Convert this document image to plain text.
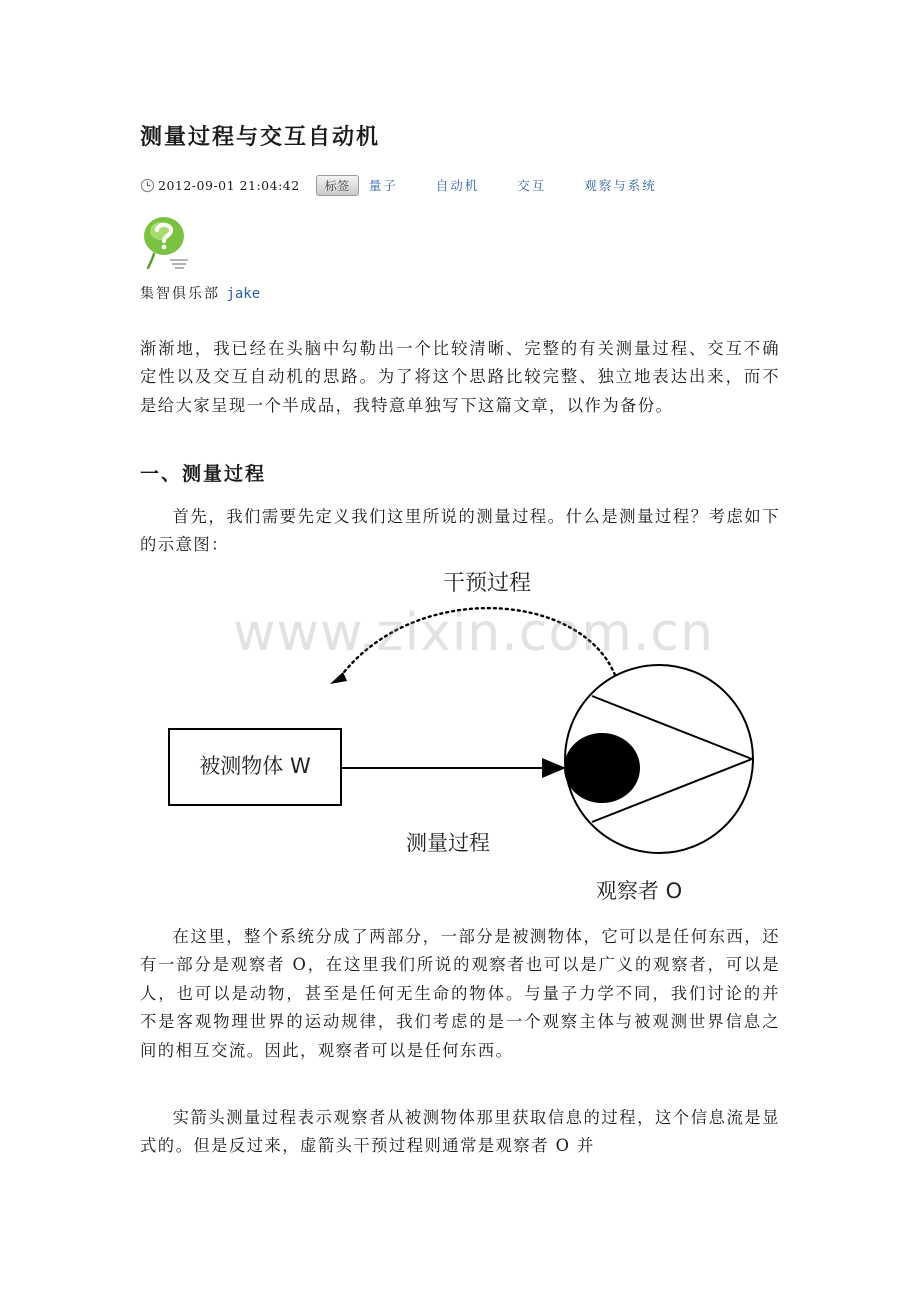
测量过程与交互自动机
2012-09-01 21:04:42	标签	量子	自动机	交互	观察与系统
集智俱乐部 jake

渐渐地，我已经在头脑中勾勒出一个比较清晰、完整的有关测量过程、交互不确定性以及交互自动机的思路。为了将这个思路比较完整、独立地表达出来，而不是给大家呈现一个半成品，我特意单独写下这篇文章，以作为备份。

一、测量过程

首先，我们需要先定义我们这里所说的测量过程。什么是测量过程？考虑如下的示意图：

在这里，整个系统分成了两部分，一部分是被测物体，它可以是任何东西，还有一部分是观察者 O，在这里我们所说的观察者也可以是广义的观察者，可以是人，也可以是动物，甚至是任何无生命的物体。与量子力学不同，我们讨论的并不是客观物理世界的运动规律，我们考虑的是一个观察主体与被观测世界信息之间的相互交流。因此，观察者可以是任何东西。

实箭头测量过程表示观察者从被测物体那里获取信息的过程，这个信息流是显式的。但是反过来，虚箭头干预过程则通常是观察者 O 并

干预过程
被测物体 W
测量过程
观察者 O
www.zixin.com.cn
